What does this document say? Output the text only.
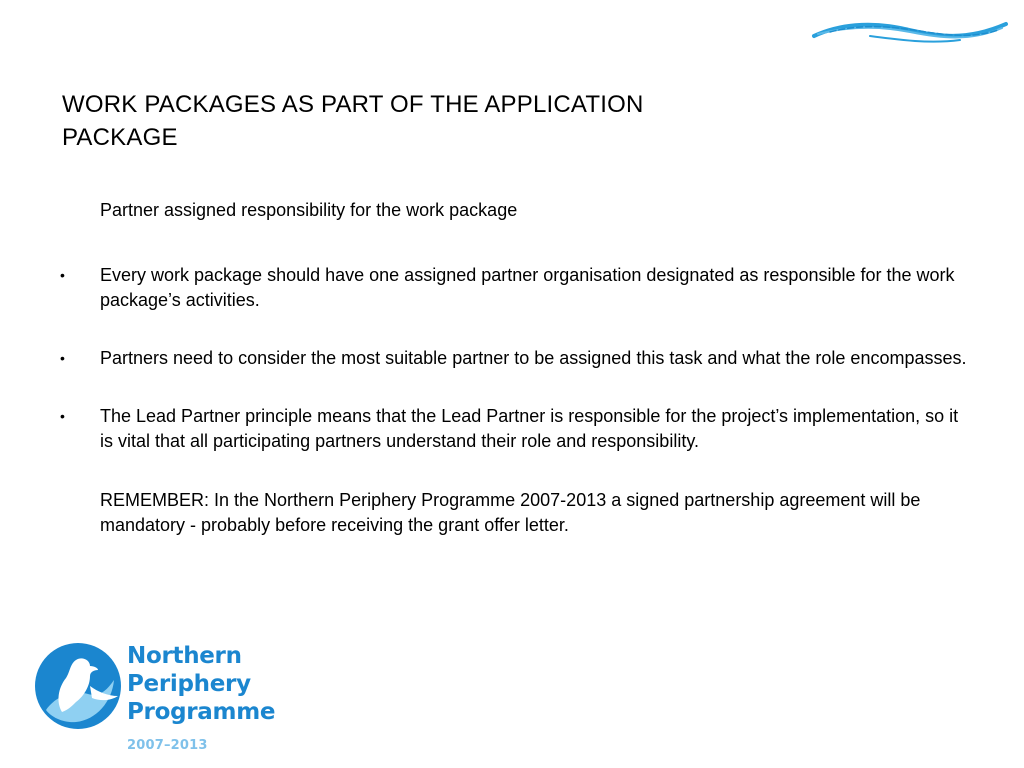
WORK PACKAGES AS PART OF THE APPLICATION
PACKAGE
Partner assigned responsibility for the work package
• Every work package should have one assigned partner organisation designated as responsible for the work package’s activities.
• Partners need to consider the most suitable partner to be assigned this task and what the role encompasses.
• The Lead Partner principle means that the Lead Partner is responsible for the project’s implementation, so it is vital that all participating partners understand their role and responsibility.
REMEMBER: In the Northern Periphery Programme 2007-2013 a signed partnership agreement will be mandatory - probably before receiving the grant offer letter.
Northern
Periphery
Programme
2007–2013
